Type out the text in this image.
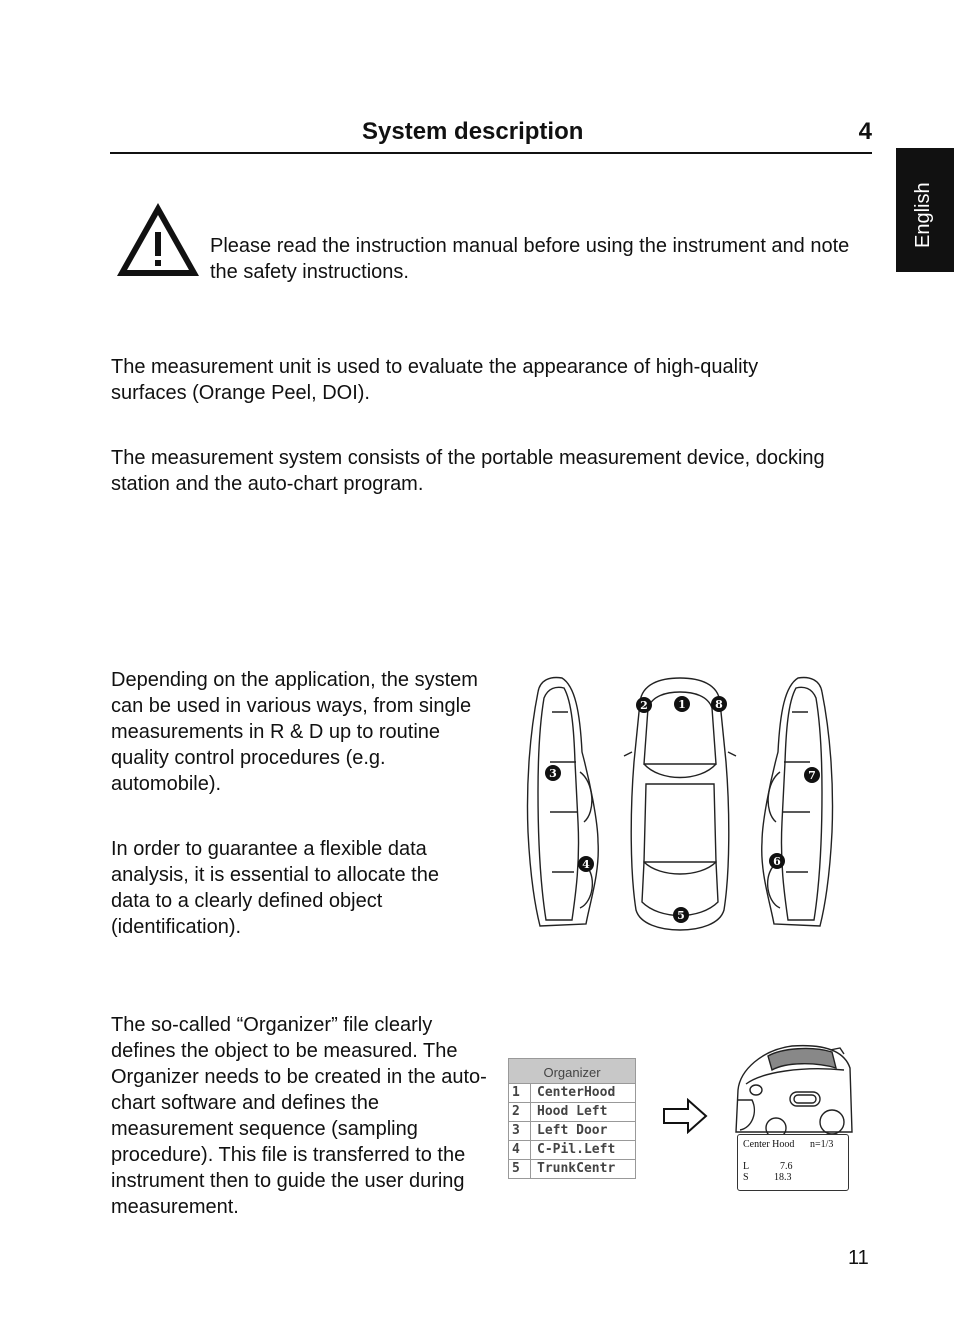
System description	4
English
Please read the instruction manual before using the instrument and note the safety instructions.
The measurement unit is used to evaluate the appearance of high-quality surfaces (Orange Peel, DOI).
The measurement system consists of the portable measurement device, docking station and the auto-chart program.
Depending on the application, the system can be used in various ways, from single measurements in R & D up to routine quality control procedures (e.g. automobile).
In order to guarantee a flexible data analysis, it is essential to allocate the data to a clearly defined object (identification).
The so-called “Organizer” file clearly defines the object to be measured. The Organizer needs to be created in the auto-chart software and defines the measurement sequence (sampling procedure). This file is transferred to the instrument then to guide the user during measurement.
1
2
3
4
5
6
7
8
Organizer
1	CenterHood
2	Hood Left
3	Left Door
4	C-Pil.Left
5	TrunkCentr
Center Hood n=1/3
L	7.6
S	18.3
11
